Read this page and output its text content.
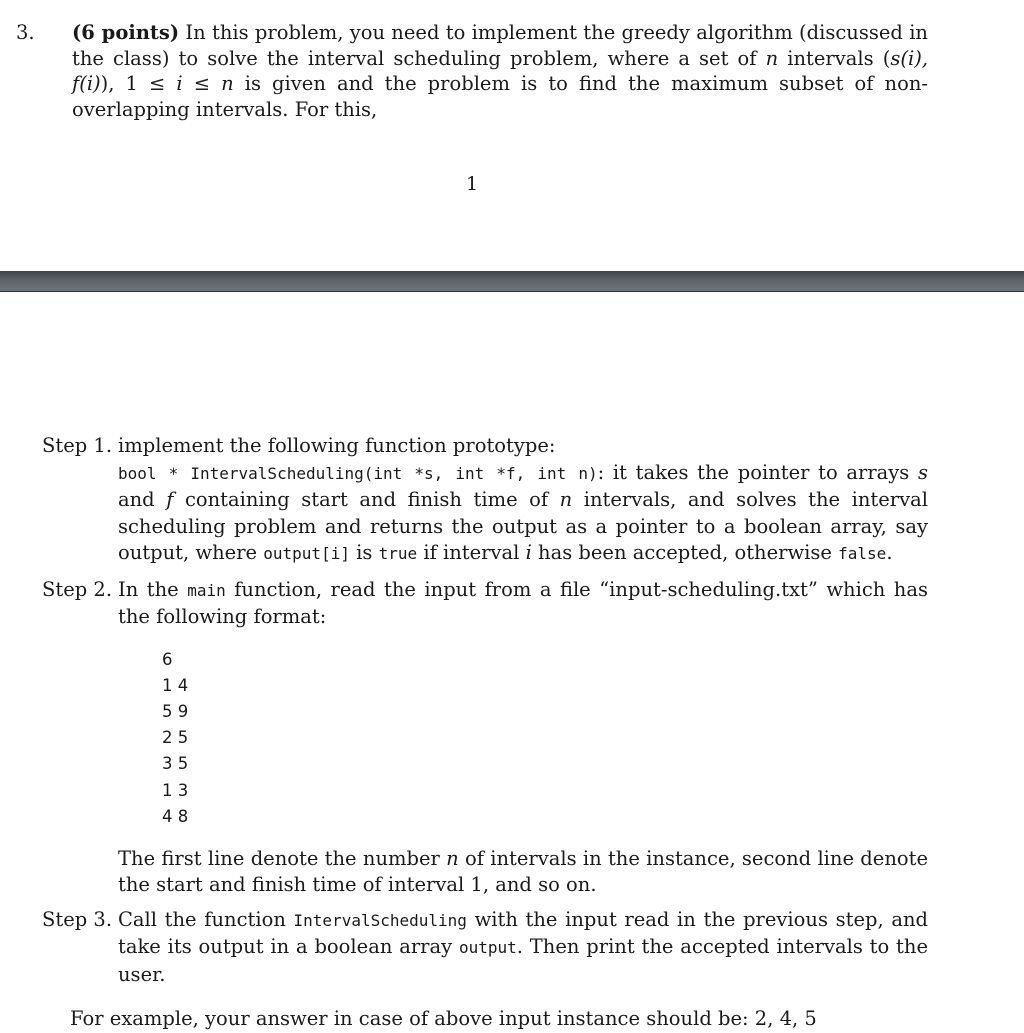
3. (6 points) In this problem, you need to implement the greedy algorithm (discussed in the class) to solve the interval scheduling problem, where a set of n intervals (s(i), f(i)), 1 ≤ i ≤ n is given and the problem is to find the maximum subset of non-overlapping intervals. For this,
1
Step 1. implement the following function prototype:
bool * IntervalScheduling(int *s, int *f, int n): it takes the pointer to arrays s and f containing start and finish time of n intervals, and solves the interval scheduling problem and returns the output as a pointer to a boolean array, say output, where output[i] is true if interval i has been accepted, otherwise false.
Step 2. In the main function, read the input from a file “input-scheduling.txt” which has the following format:
6
1 4
5 9
2 5
3 5
1 3
4 8
The first line denote the number n of intervals in the instance, second line denote the start and finish time of interval 1, and so on.
Step 3. Call the function IntervalScheduling with the input read in the previous step, and take its output in a boolean array output. Then print the accepted intervals to the user.
For example, your answer in case of above input instance should be: 2, 4, 5
